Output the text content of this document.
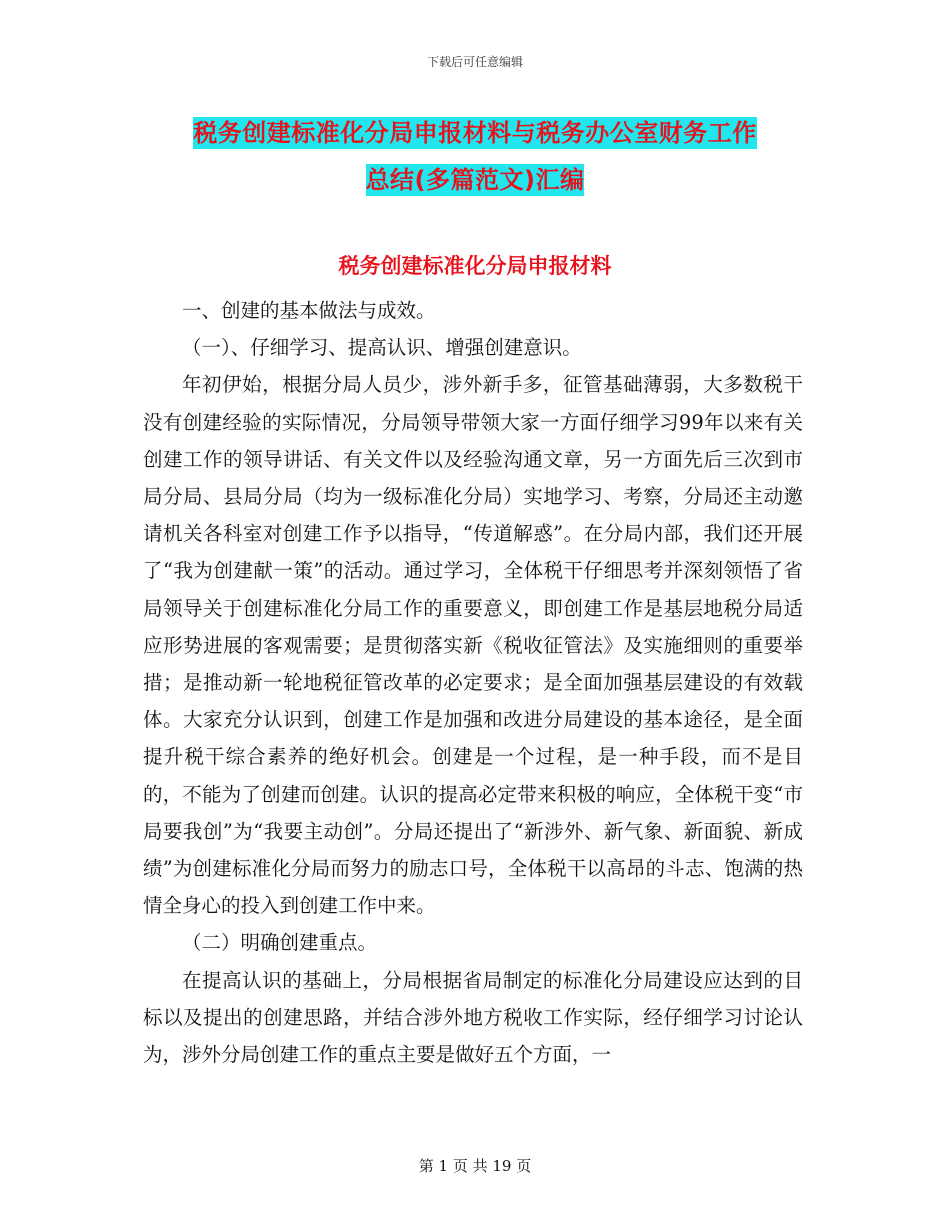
下载后可任意编辑
税务创建标准化分局申报材料与税务办公室财务工作
总结(多篇范文)汇编
税务创建标准化分局申报材料

一、创建的基本做法与成效。

（一）、仔细学习、提高认识、增强创建意识。

年初伊始，根据分局人员少，涉外新手多，征管基础薄弱，大多数税干没有创建经验的实际情况，分局领导带领大家一方面仔细学习99年以来有关创建工作的领导讲话、有关文件以及经验沟通文章，另一方面先后三次到市局分局、县局分局（均为一级标准化分局）实地学习、考察，分局还主动邀请机关各科室对创建工作予以指导，“传道解惑”。在分局内部，我们还开展了“我为创建献一策”的活动。通过学习，全体税干仔细思考并深刻领悟了省局领导关于创建标准化分局工作的重要意义，即创建工作是基层地税分局适应形势进展的客观需要；是贯彻落实新《税收征管法》及实施细则的重要举措；是推动新一轮地税征管改革的必定要求；是全面加强基层建设的有效载体。大家充分认识到，创建工作是加强和改进分局建设的基本途径，是全面提升税干综合素养的绝好机会。创建是一个过程，是一种手段，而不是目的，不能为了创建而创建。认识的提高必定带来积极的响应，全体税干变“市局要我创”为“我要主动创”。分局还提出了“新涉外、新气象、新面貌、新成绩”为创建标准化分局而努力的励志口号，全体税干以高昂的斗志、饱满的热情全身心的投入到创建工作中来。

（二）明确创建重点。

在提高认识的基础上，分局根据省局制定的标准化分局建设应达到的目标以及提出的创建思路，并结合涉外地方税收工作实际，经仔细学习讨论认为，涉外分局创建工作的重点主要是做好五个方面，一

第 1 页 共 19 页
